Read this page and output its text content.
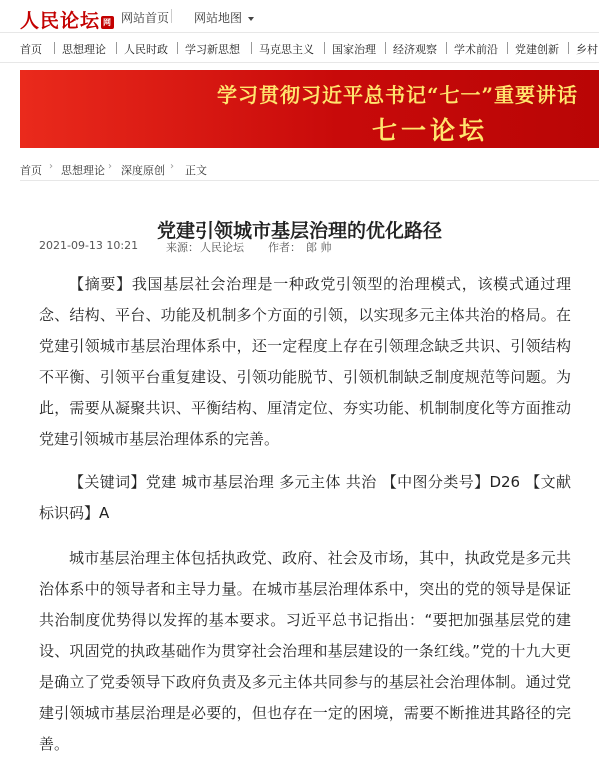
人民论坛 网 网站首页 网站地图
首页 思想理论 人民时政 学习新思想 马克思主义 国家治理 经济观察 学术前沿 党建创新 乡村
学习贯彻习近平总书记“七一”重要讲话
七一论坛
首页 › 思想理论 › 深度原创 › 正文
党建引领城市基层治理的优化路径
2021-09-13 10:21	来源： 人民论坛 作者： 郎 帅

【摘要】我国基层社会治理是一种政党引领型的治理模式，该模式通过理念、结构、平台、功能及机制多个方面的引领，以实现多元主体共治的格局。在党建引领城市基层治理体系中，还一定程度上存在引领理念缺乏共识、引领结构不平衡、引领平台重复建设、引领功能脱节、引领机制缺乏制度规范等问题。为此，需要从凝聚共识、平衡结构、厘清定位、夯实功能、机制制度化等方面推动党建引领城市基层治理体系的完善。

【关键词】党建 城市基层治理 多元主体 共治 【中图分类号】D26 【文献标识码】A

城市基层治理主体包括执政党、政府、社会及市场，其中，执政党是多元共治体系中的领导者和主导力量。在城市基层治理体系中，突出的党的领导是保证共治制度优势得以发挥的基本要求。习近平总书记指出：“要把加强基层党的建设、巩固党的执政基础作为贯穿社会治理和基层建设的一条红线。”党的十九大更是确立了党委领导下政府负责及多元主体共同参与的基层社会治理体制。通过党建引领城市基层治理是必要的，但也存在一定的困境，需要不断推进其路径的完善。
